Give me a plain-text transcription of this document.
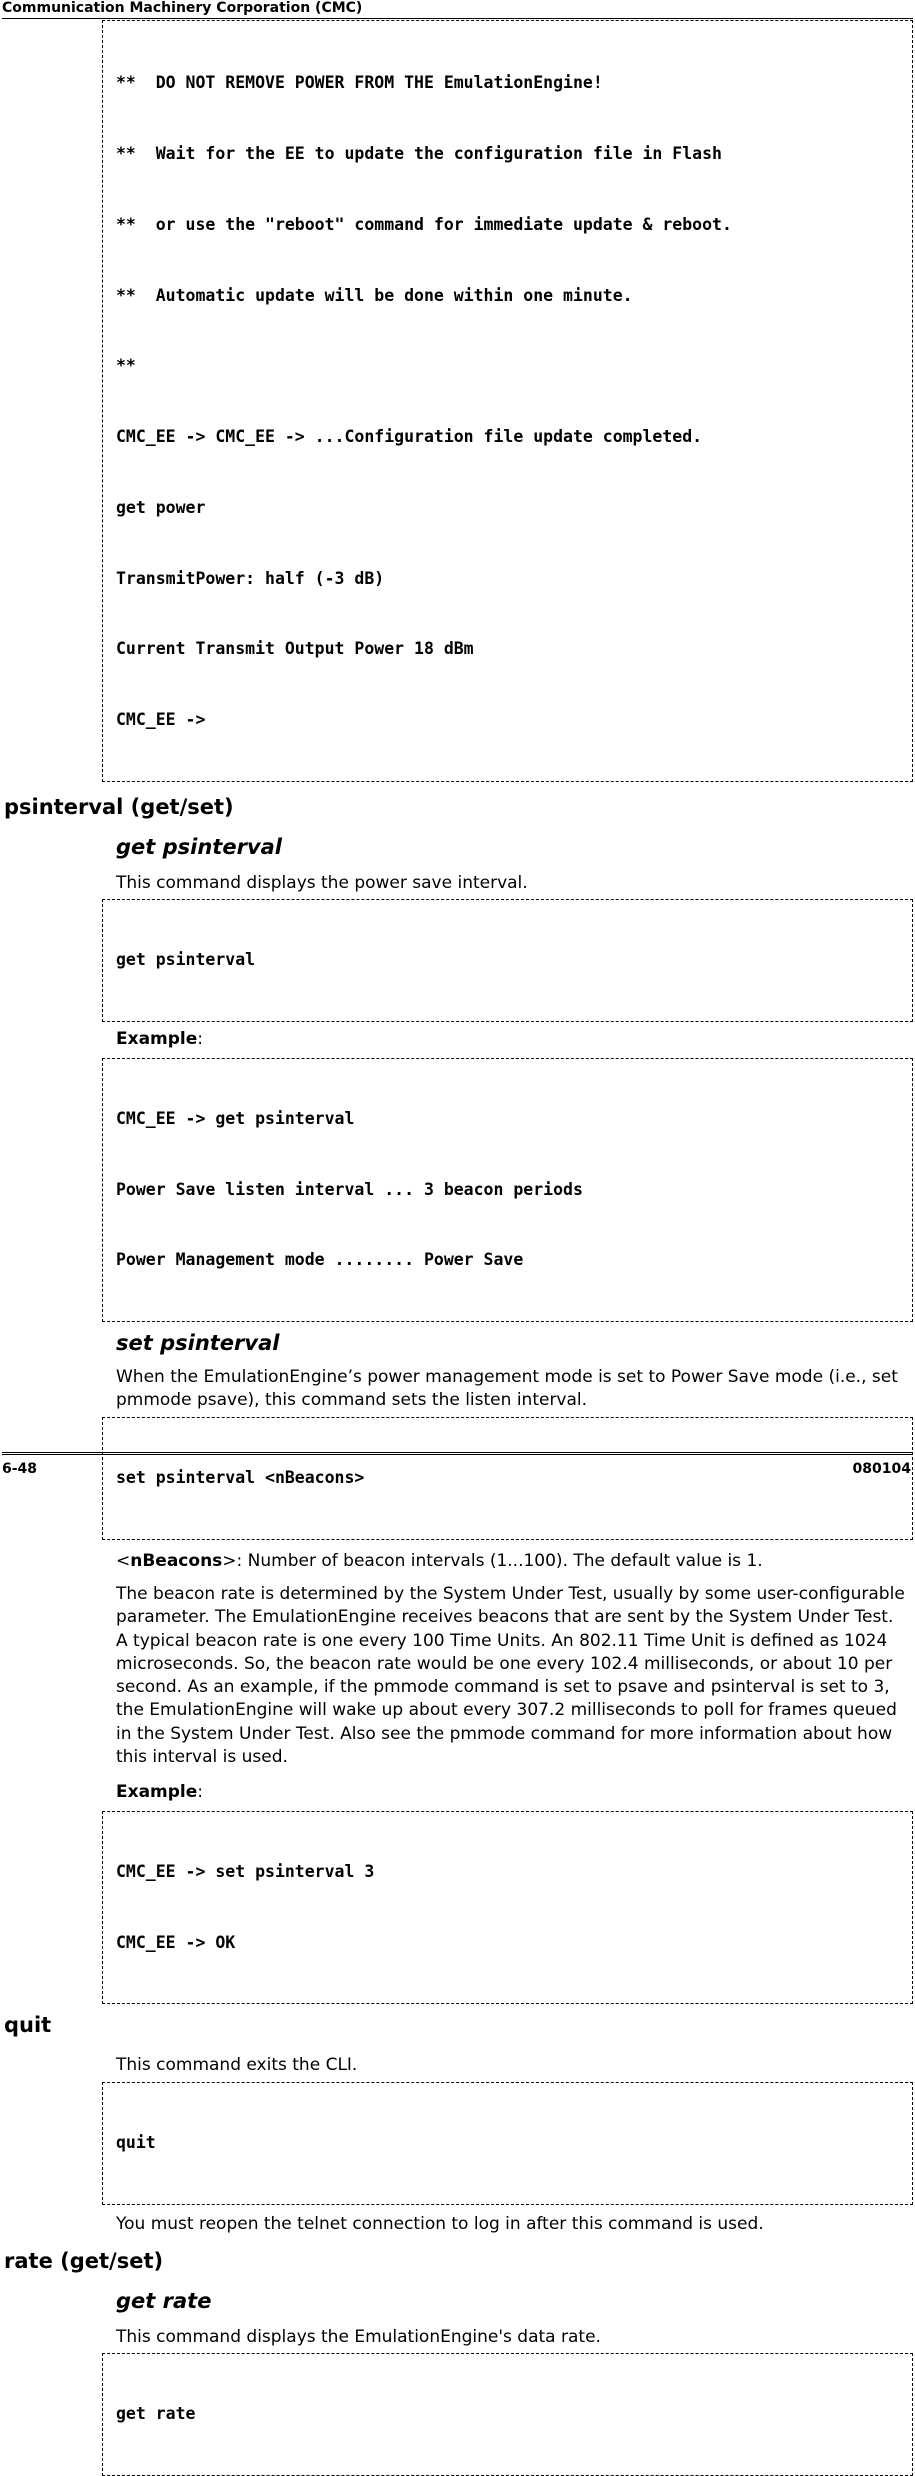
Communication Machinery Corporation (CMC)

**  DO NOT REMOVE POWER FROM THE EmulationEngine!

**  Wait for the EE to update the configuration file in Flash

**  or use the "reboot" command for immediate update & reboot.

**  Automatic update will be done within one minute.

**

CMC_EE -> CMC_EE -> ...Configuration file update completed.

get power

TransmitPower: half (-3 dB)

Current Transmit Output Power 18 dBm

CMC_EE ->

psinterval (get/set)
get psinterval
This command displays the power save interval.

get psinterval

Example:

CMC_EE -> get psinterval

Power Save listen interval ... 3 beacon periods

Power Management mode ........ Power Save

set psinterval
When the EmulationEngine’s power management mode is set to Power Save mode (i.e., set pmmode psave), this command sets the listen interval.

set psinterval <nBeacons>

<nBeacons>: Number of beacon intervals (1...100). The default value is 1.
The beacon rate is determined by the System Under Test, usually by some user-configurable parameter. The EmulationEngine receives beacons that are sent by the System Under Test. A typical beacon rate is one every 100 Time Units. An 802.11 Time Unit is defined as 1024 microseconds. So, the beacon rate would be one every 102.4 milliseconds, or about 10 per second. As an example, if the pmmode command is set to psave and psinterval is set to 3, the EmulationEngine will wake up about every 307.2 milliseconds to poll for frames queued in the System Under Test. Also see the pmmode command for more information about how this interval is used.
Example:

CMC_EE -> set psinterval 3

CMC_EE -> OK

quit
This command exits the CLI.

quit

You must reopen the telnet connection to log in after this command is used.
rate (get/set)
get rate
This command displays the EmulationEngine's data rate.

get rate

6-48	080104
